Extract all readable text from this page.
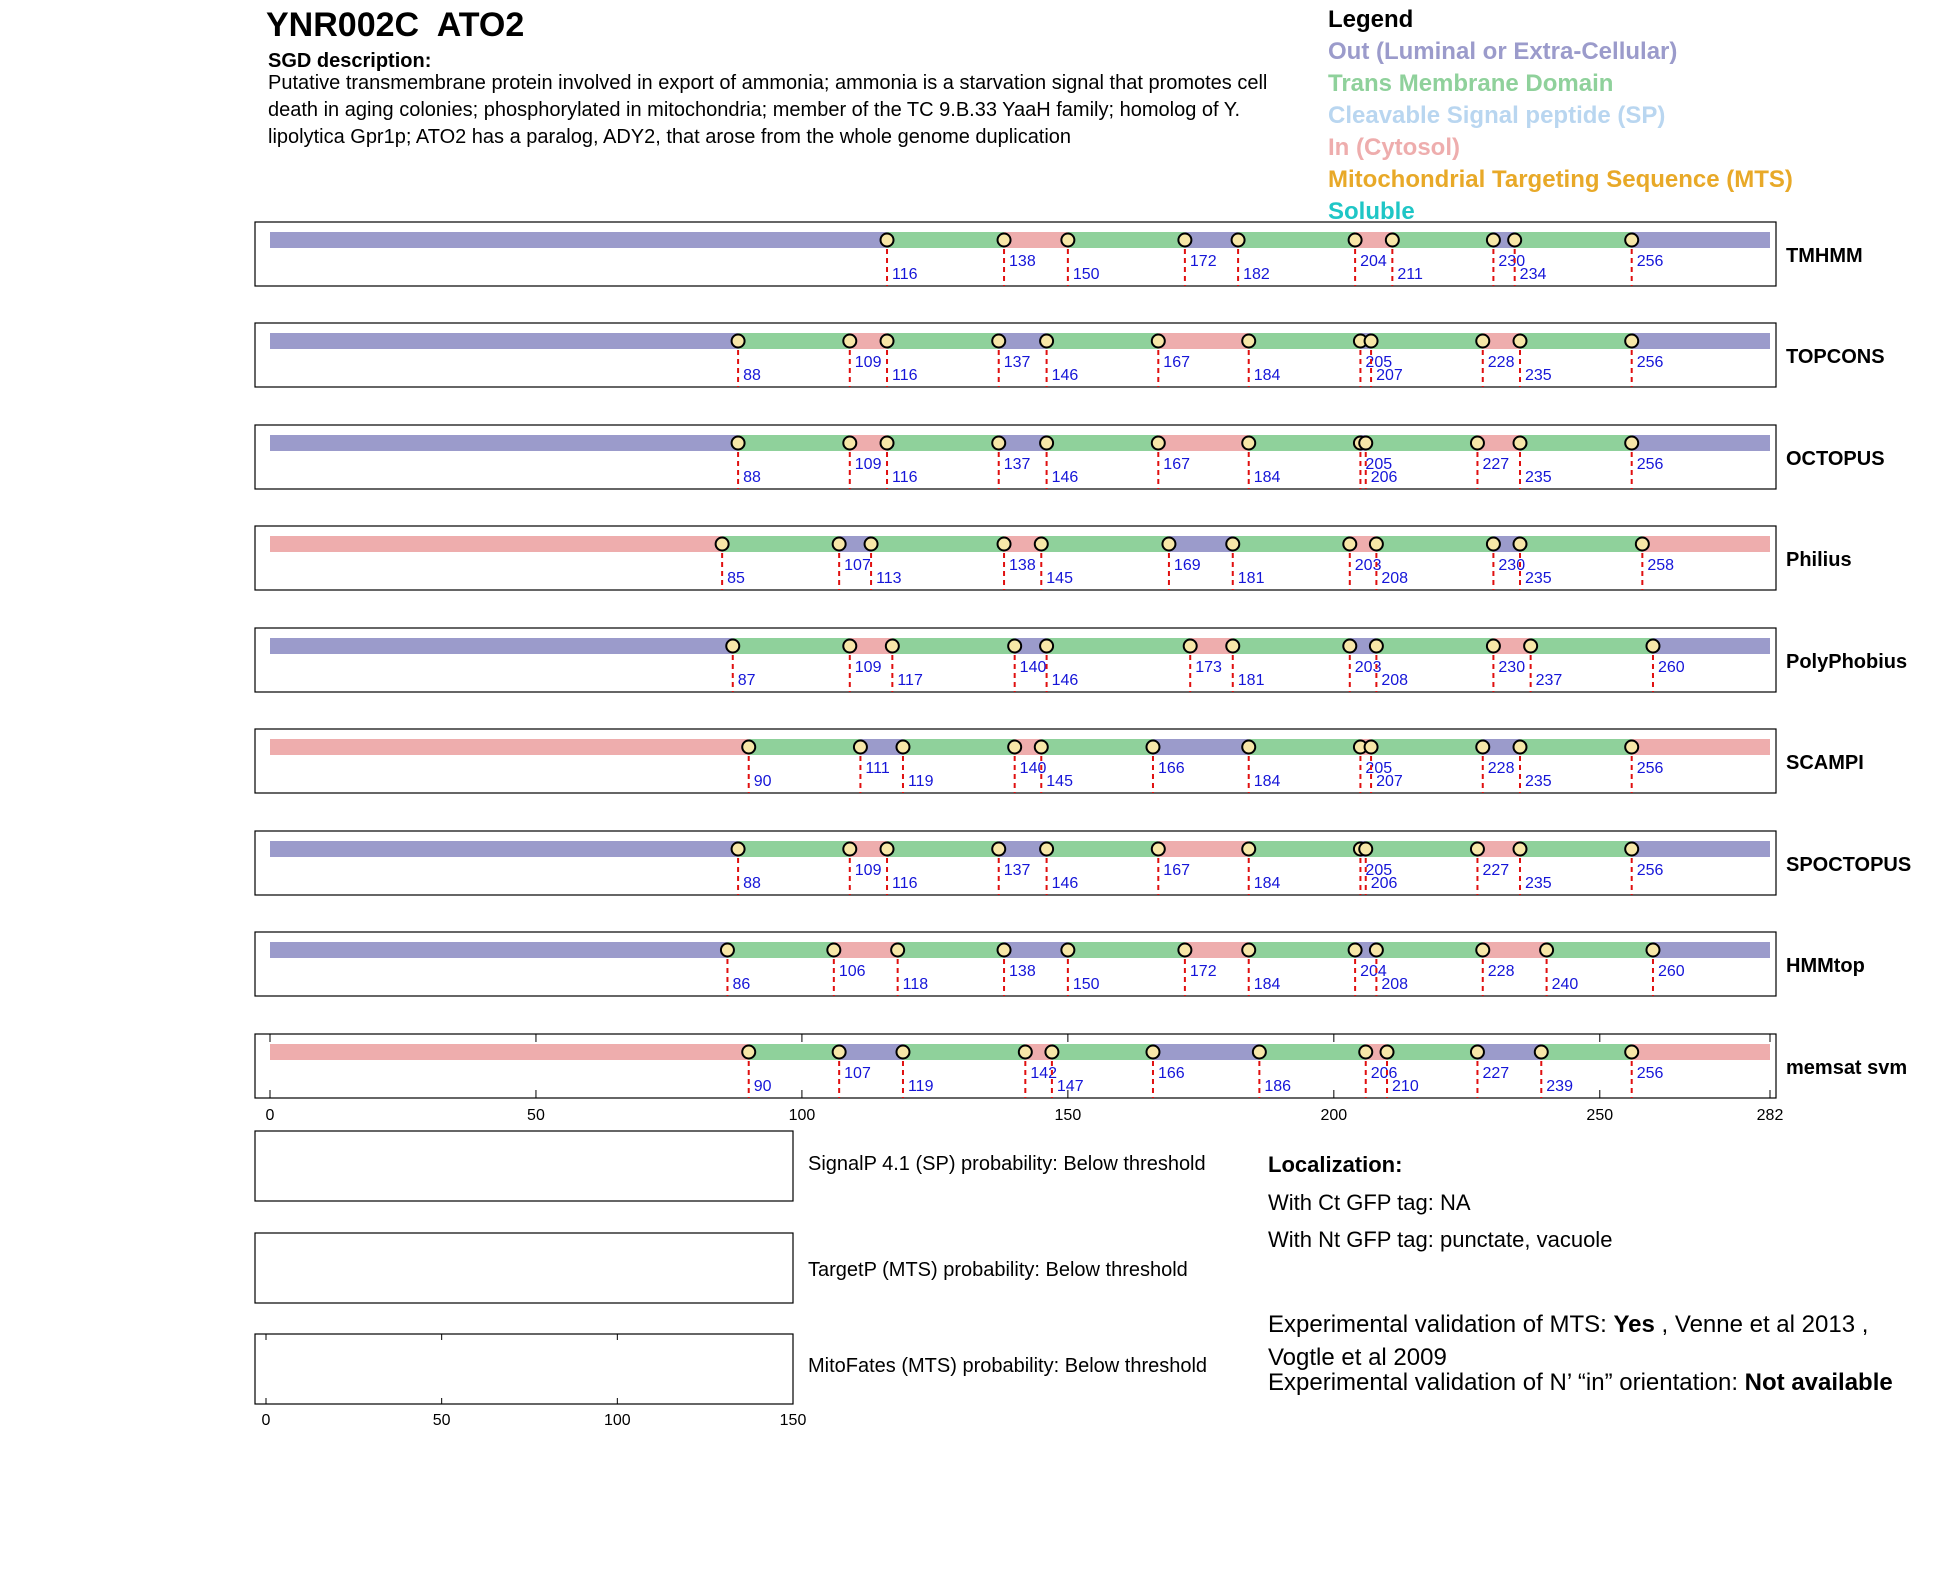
116
138
150
172
182
204
211
230
234
256	TMHMM
88
109
116
137
146
167
184
205
207
228
235
256	TOPCONS
88
109
116
137
146
167
184
205
206
227
235
256	OCTOPUS
85
107
113
138
145
169
181
203
208
230
235
258	Philius
87
109
117
140
146
173
181
203
208
230
237
260	PolyPhobius
90
111
119
140
145
166
184
205
207
228
235
256	SCAMPI
88
109
116
137
146
167
184
205
206
227
235
256	SPOCTOPUS
86
106
118
138
150
172
184
204
208
228
240
260	HMMtop
90
107
119
142
147
166
186
206
210
227
239
256	memsat svm
0	50	100	150	200	250	282
0	50	100	150
YNR002C  ATO2
SGD description:
Putative transmembrane protein involved in export of ammonia; ammonia is a starvation signal that promotes cell death in aging colonies; phosphorylated in mitochondria; member of the TC 9.B.33 YaaH family; homolog of Y. lipolytica Gpr1p; ATO2 has a paralog, ADY2, that arose from the whole genome duplication
Legend
Out (Luminal or Extra-Cellular)
Trans Membrane Domain
Cleavable Signal peptide (SP)
In (Cytosol)
Mitochondrial Targeting Sequence (MTS)
Soluble
SignalP 4.1 (SP) probability: Below threshold
TargetP (MTS) probability: Below threshold
MitoFates (MTS) probability: Below threshold
Localization:
With Ct GFP tag: NA
With Nt GFP tag: punctate, vacuole
Experimental validation of MTS: Yes , Venne et al 2013 , Vogtle et al 2009
Experimental validation of N’ “in” orientation: Not available
